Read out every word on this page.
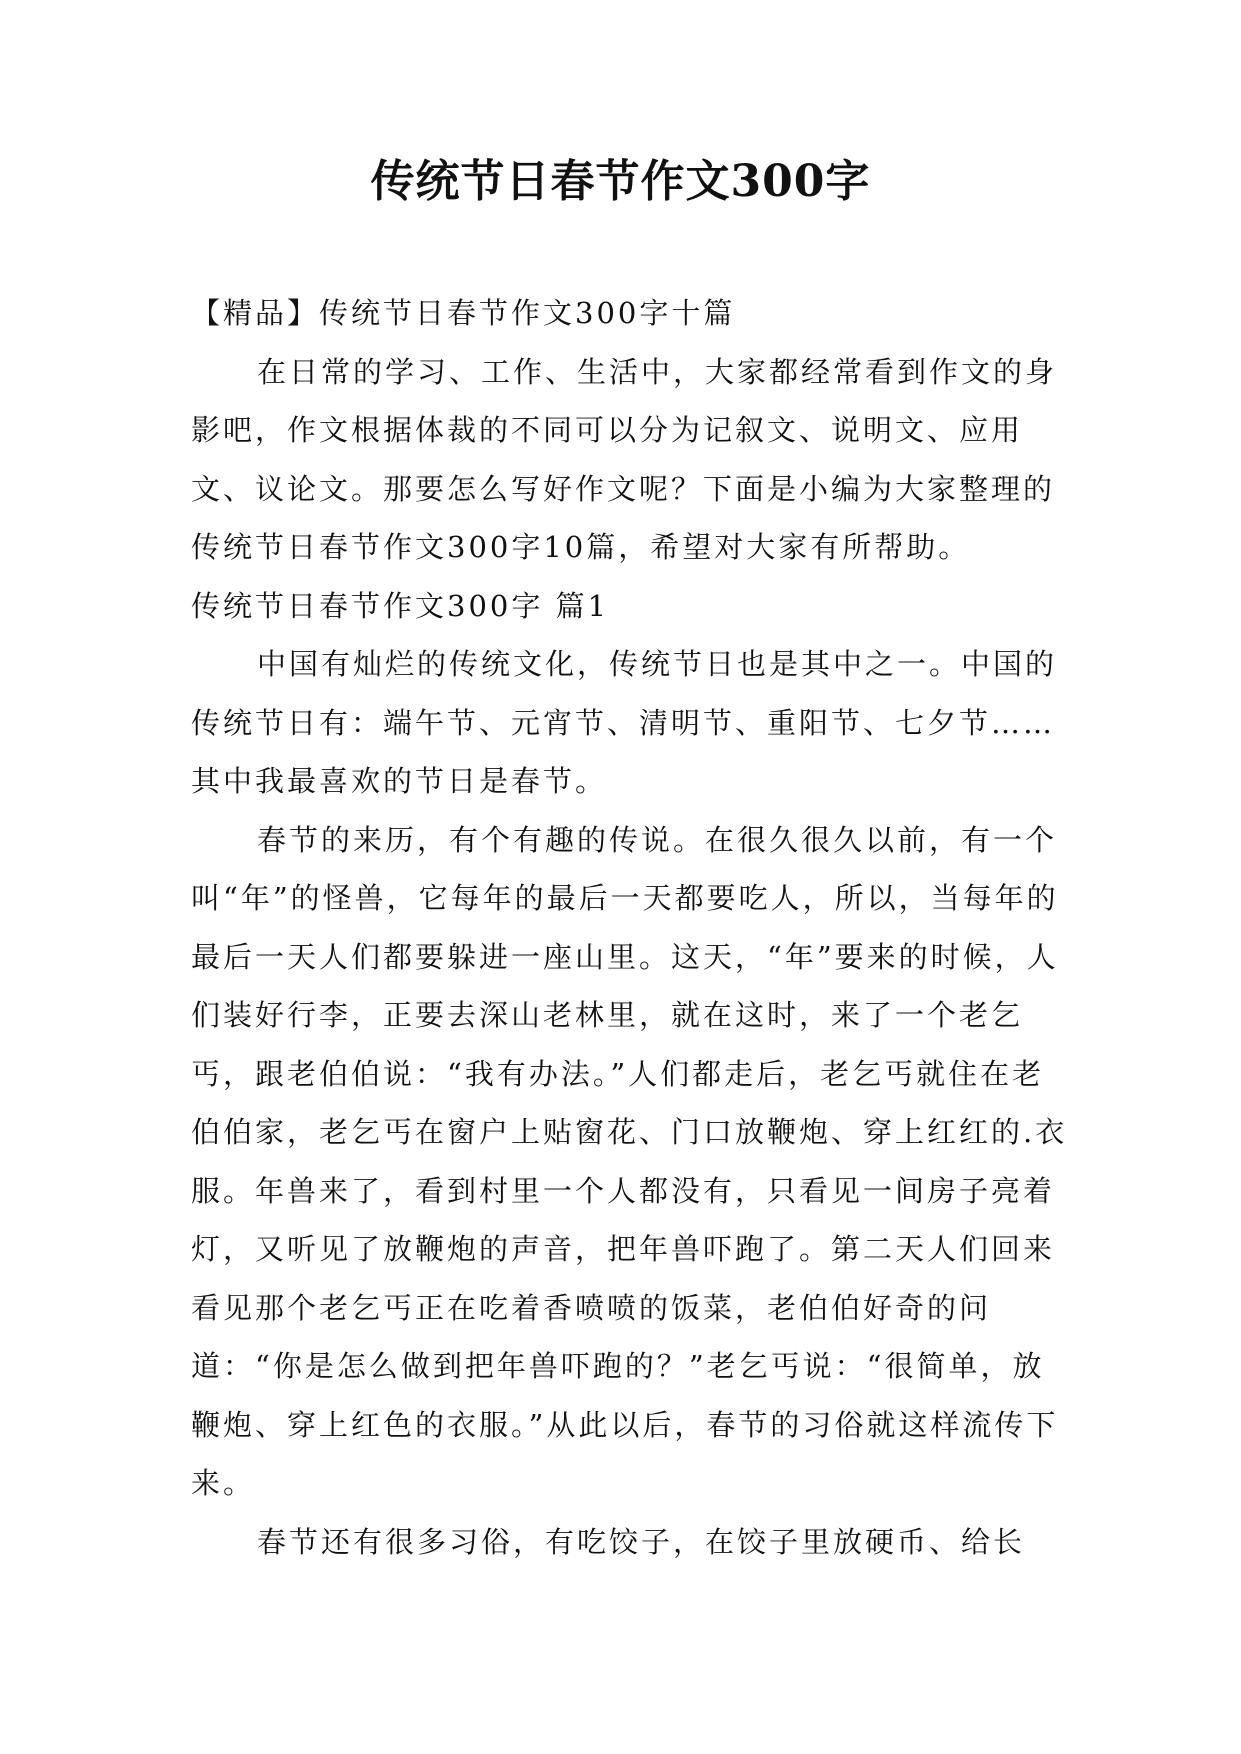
传统节日春节作文300字

【精品】传统节日春节作文300字十篇

在日常的学习、工作、生活中，大家都经常看到作文的身影吧，作文根据体裁的不同可以分为记叙文、说明文、应用文、议论文。那要怎么写好作文呢？下面是小编为大家整理的传统节日春节作文300字10篇，希望对大家有所帮助。

传统节日春节作文300字 篇1

中国有灿烂的传统文化，传统节日也是其中之一。中国的传统节日有：端午节、元宵节、清明节、重阳节、七夕节……其中我最喜欢的节日是春节。

春节的来历，有个有趣的传说。在很久很久以前，有一个叫“年”的怪兽，它每年的最后一天都要吃人，所以，当每年的最后一天人们都要躲进一座山里。这天，“年”要来的时候，人们装好行李，正要去深山老林里，就在这时，来了一个老乞丐，跟老伯伯说：“我有办法。”人们都走后，老乞丐就住在老伯伯家，老乞丐在窗户上贴窗花、门口放鞭炮、穿上红红的.衣服。年兽来了，看到村里一个人都没有，只看见一间房子亮着灯，又听见了放鞭炮的声音，把年兽吓跑了。第二天人们回来看见那个老乞丐正在吃着香喷喷的饭菜，老伯伯好奇的问道：“你是怎么做到把年兽吓跑的？”老乞丐说：“很简单，放鞭炮、穿上红色的衣服。”从此以后，春节的习俗就这样流传下来。

春节还有很多习俗，有吃饺子，在饺子里放硬币、给长
